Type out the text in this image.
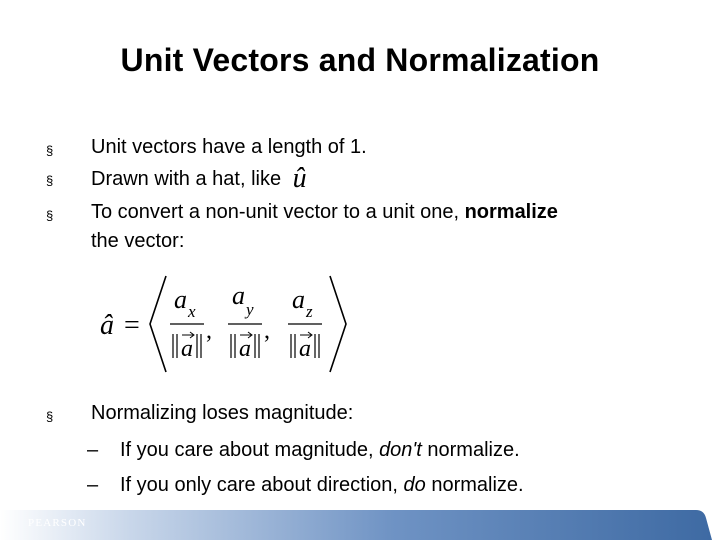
Unit Vectors and Normalization
§ Unit vectors have a length of 1.
§ Drawn with a hat, like û
§ To convert a non-unit vector to a unit one, normalize
the vector:
â =
a x
a
,
a y
a
,
a z
a
§ Normalizing loses magnitude:
– If you care about magnitude, don't normalize.
– If you only care about direction, do normalize.
PEARSON
